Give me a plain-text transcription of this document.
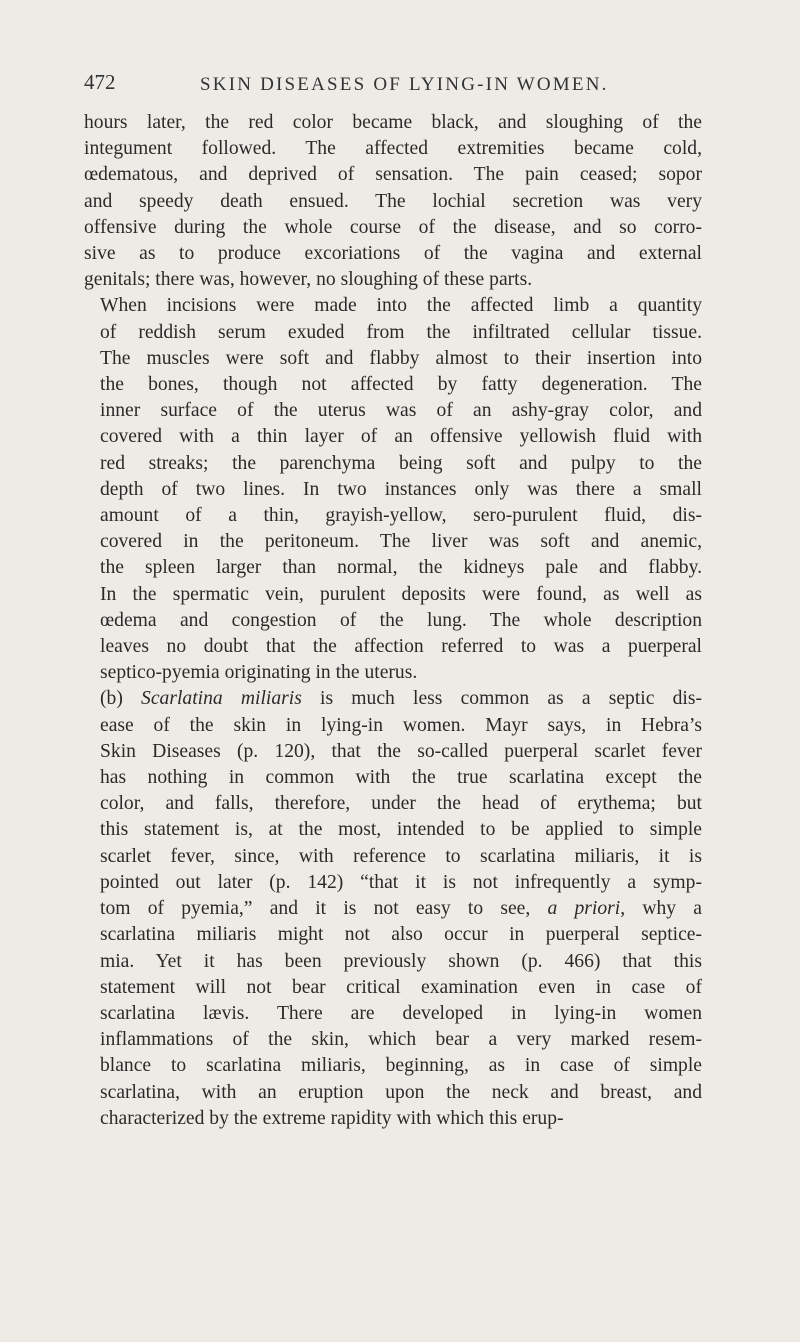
472	SKIN DISEASES OF LYING-IN WOMEN.

hours later, the red color became black, and sloughing of the
integument followed. The affected extremities became cold,
œdematous, and deprived of sensation. The pain ceased; sopor
and speedy death ensued. The lochial secretion was very
offensive during the whole course of the disease, and so corro-
sive as to produce excoriations of the vagina and external
genitals; there was, however, no sloughing of these parts.

When incisions were made into the affected limb a quantity
of reddish serum exuded from the infiltrated cellular tissue.
The muscles were soft and flabby almost to their insertion into
the bones, though not affected by fatty degeneration. The
inner surface of the uterus was of an ashy-gray color, and
covered with a thin layer of an offensive yellowish fluid with
red streaks; the parenchyma being soft and pulpy to the
depth of two lines. In two instances only was there a small
amount of a thin, grayish-yellow, sero-purulent fluid, dis-
covered in the peritoneum. The liver was soft and anemic,
the spleen larger than normal, the kidneys pale and flabby.
In the spermatic vein, purulent deposits were found, as well as
œdema and congestion of the lung. The whole description
leaves no doubt that the affection referred to was a puerperal
septico-pyemia originating in the uterus.

(b) Scarlatina miliaris is much less common as a septic dis-
ease of the skin in lying-in women. Mayr says, in Hebra’s
Skin Diseases (p. 120), that the so-called puerperal scarlet fever
has nothing in common with the true scarlatina except the
color, and falls, therefore, under the head of erythema; but
this statement is, at the most, intended to be applied to simple
scarlet fever, since, with reference to scarlatina miliaris, it is
pointed out later (p. 142) “that it is not infrequently a symp-
tom of pyemia,” and it is not easy to see, a priori, why a
scarlatina miliaris might not also occur in puerperal septice-
mia. Yet it has been previously shown (p. 466) that this
statement will not bear critical examination even in case of
scarlatina lævis. There are developed in lying-in women
inflammations of the skin, which bear a very marked resem-
blance to scarlatina miliaris, beginning, as in case of simple
scarlatina, with an eruption upon the neck and breast, and
characterized by the extreme rapidity with which this erup-
